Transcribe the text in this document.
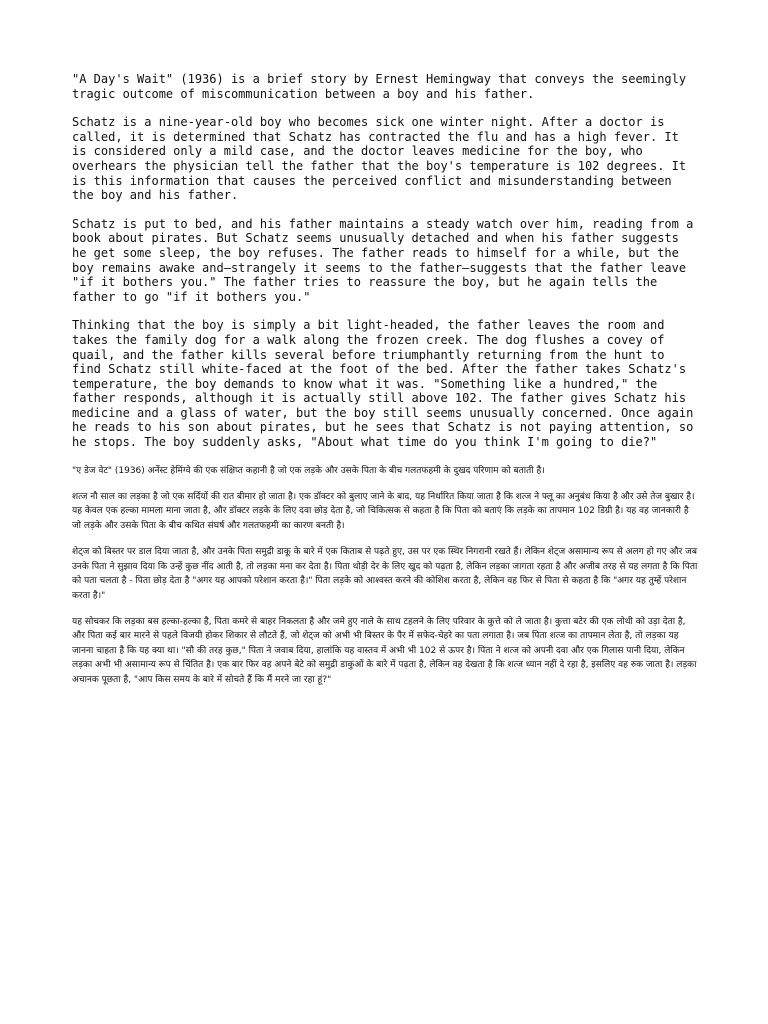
"A Day's Wait" (1936) is a brief story by Ernest Hemingway that conveys the seemingly tragic outcome of miscommunication between a boy and his father.

Schatz is a nine-year-old boy who becomes sick one winter night. After a doctor is called, it is determined that Schatz has contracted the flu and has a high fever. It is considered only a mild case, and the doctor leaves medicine for the boy, who overhears the physician tell the father that the boy's temperature is 102 degrees. It is this information that causes the perceived conflict and misunderstanding between the boy and his father.

Schatz is put to bed, and his father maintains a steady watch over him, reading from a book about pirates. But Schatz seems unusually detached and when his father suggests he get some sleep, the boy refuses. The father reads to himself for a while, but the boy remains awake and—strangely it seems to the father—suggests that the father leave "if it bothers you." The father tries to reassure the boy, but he again tells the father to go "if it bothers you."

Thinking that the boy is simply a bit light-headed, the father leaves the room and takes the family dog for a walk along the frozen creek. The dog flushes a covey of quail, and the father kills several before triumphantly returning from the hunt to find Schatz still white-faced at the foot of the bed. After the father takes Schatz's temperature, the boy demands to know what it was. "Something like a hundred," the father responds, although it is actually still above 102. The father gives Schatz his medicine and a glass of water, but the boy still seems unusually concerned. Once again he reads to his son about pirates, but he sees that Schatz is not paying attention, so he stops. The boy suddenly asks, "About what time do you think I'm going to die?"

"ए डेज वेट" (1936) अर्नेस्ट हेमिंग्वे की एक संक्षिप्त कहानी है जो एक लड़के और उसके पिता के बीच गलतफहमी के दुखद परिणाम को बताती है।

शत्ज नौ साल का लड़का है जो एक सर्दियों की रात बीमार हो जाता है। एक डॉक्टर को बुलाए जाने के बाद, यह निर्धारित किया जाता है कि शत्ज ने फ्लू का अनुबंध किया है और उसे तेज बुखार है। यह केवल एक हल्का मामला माना जाता है, और डॉक्टर लड़के के लिए दवा छोड़ देता है, जो चिकित्सक से कहता है कि पिता को बताएं कि लड़के का तापमान 102 डिग्री है। यह वह जानकारी है जो लड़के और उसके पिता के बीच कथित संघर्ष और गलतफहमी का कारण बनती है।

शेट्ज को बिस्तर पर डाल दिया जाता है, और उनके पिता समुद्री डाकू के बारे में एक किताब से पढ़ते हुए, उस पर एक स्थिर निगरानी रखते हैं। लेकिन शेट्ज असामान्य रूप से अलग हो गए और जब उनके पिता ने सुझाव दिया कि उन्हें कुछ नींद आती है, तो लड़का मना कर देता है। पिता थोड़ी देर के लिए खुद को पढ़ता है, लेकिन लड़का जागता रहता है और अजीब तरह से यह लगता है कि पिता को पता चलता है - पिता छोड़ देता है "अगर यह आपको परेशान करता है।" पिता लड़के को आश्वस्त करने की कोशिश करता है, लेकिन वह फिर से पिता से कहता है कि "अगर यह तुम्हें परेशान करता है।"

यह सोचकर कि लड़का बस हल्का-हल्का है, पिता कमरे से बाहर निकलता है और जमे हुए नाले के साथ टहलने के लिए परिवार के कुत्ते को ले जाता है। कुत्ता बटेर की एक लोथी को उड़ा देता है, और पिता कई बार मारने से पहले विजयी होकर शिकार से लौटते हैं, जो शेट्ज को अभी भी बिस्तर के पैर में सफेद-चेहरे का पता लगाता है। जब पिता शत्ज का तापमान लेता है, तो लड़का यह जानना चाहता है कि यह क्या था। "सौ की तरह कुछ," पिता ने जवाब दिया, हालांकि यह वास्तव में अभी भी 102 से ऊपर है। पिता ने शत्ज को अपनी दवा और एक गिलास पानी दिया, लेकिन लड़का अभी भी असामान्य रूप से चिंतित है। एक बार फिर वह अपने बेटे को समुद्री डाकुओं के बारे में पढ़ता है, लेकिन वह देखता है कि शत्ज ध्यान नहीं दे रहा है, इसलिए वह रुक जाता है। लड़का अचानक पूछता है, "आप किस समय के बारे में सोचते हैं कि मैं मरने जा रहा हूं?"
